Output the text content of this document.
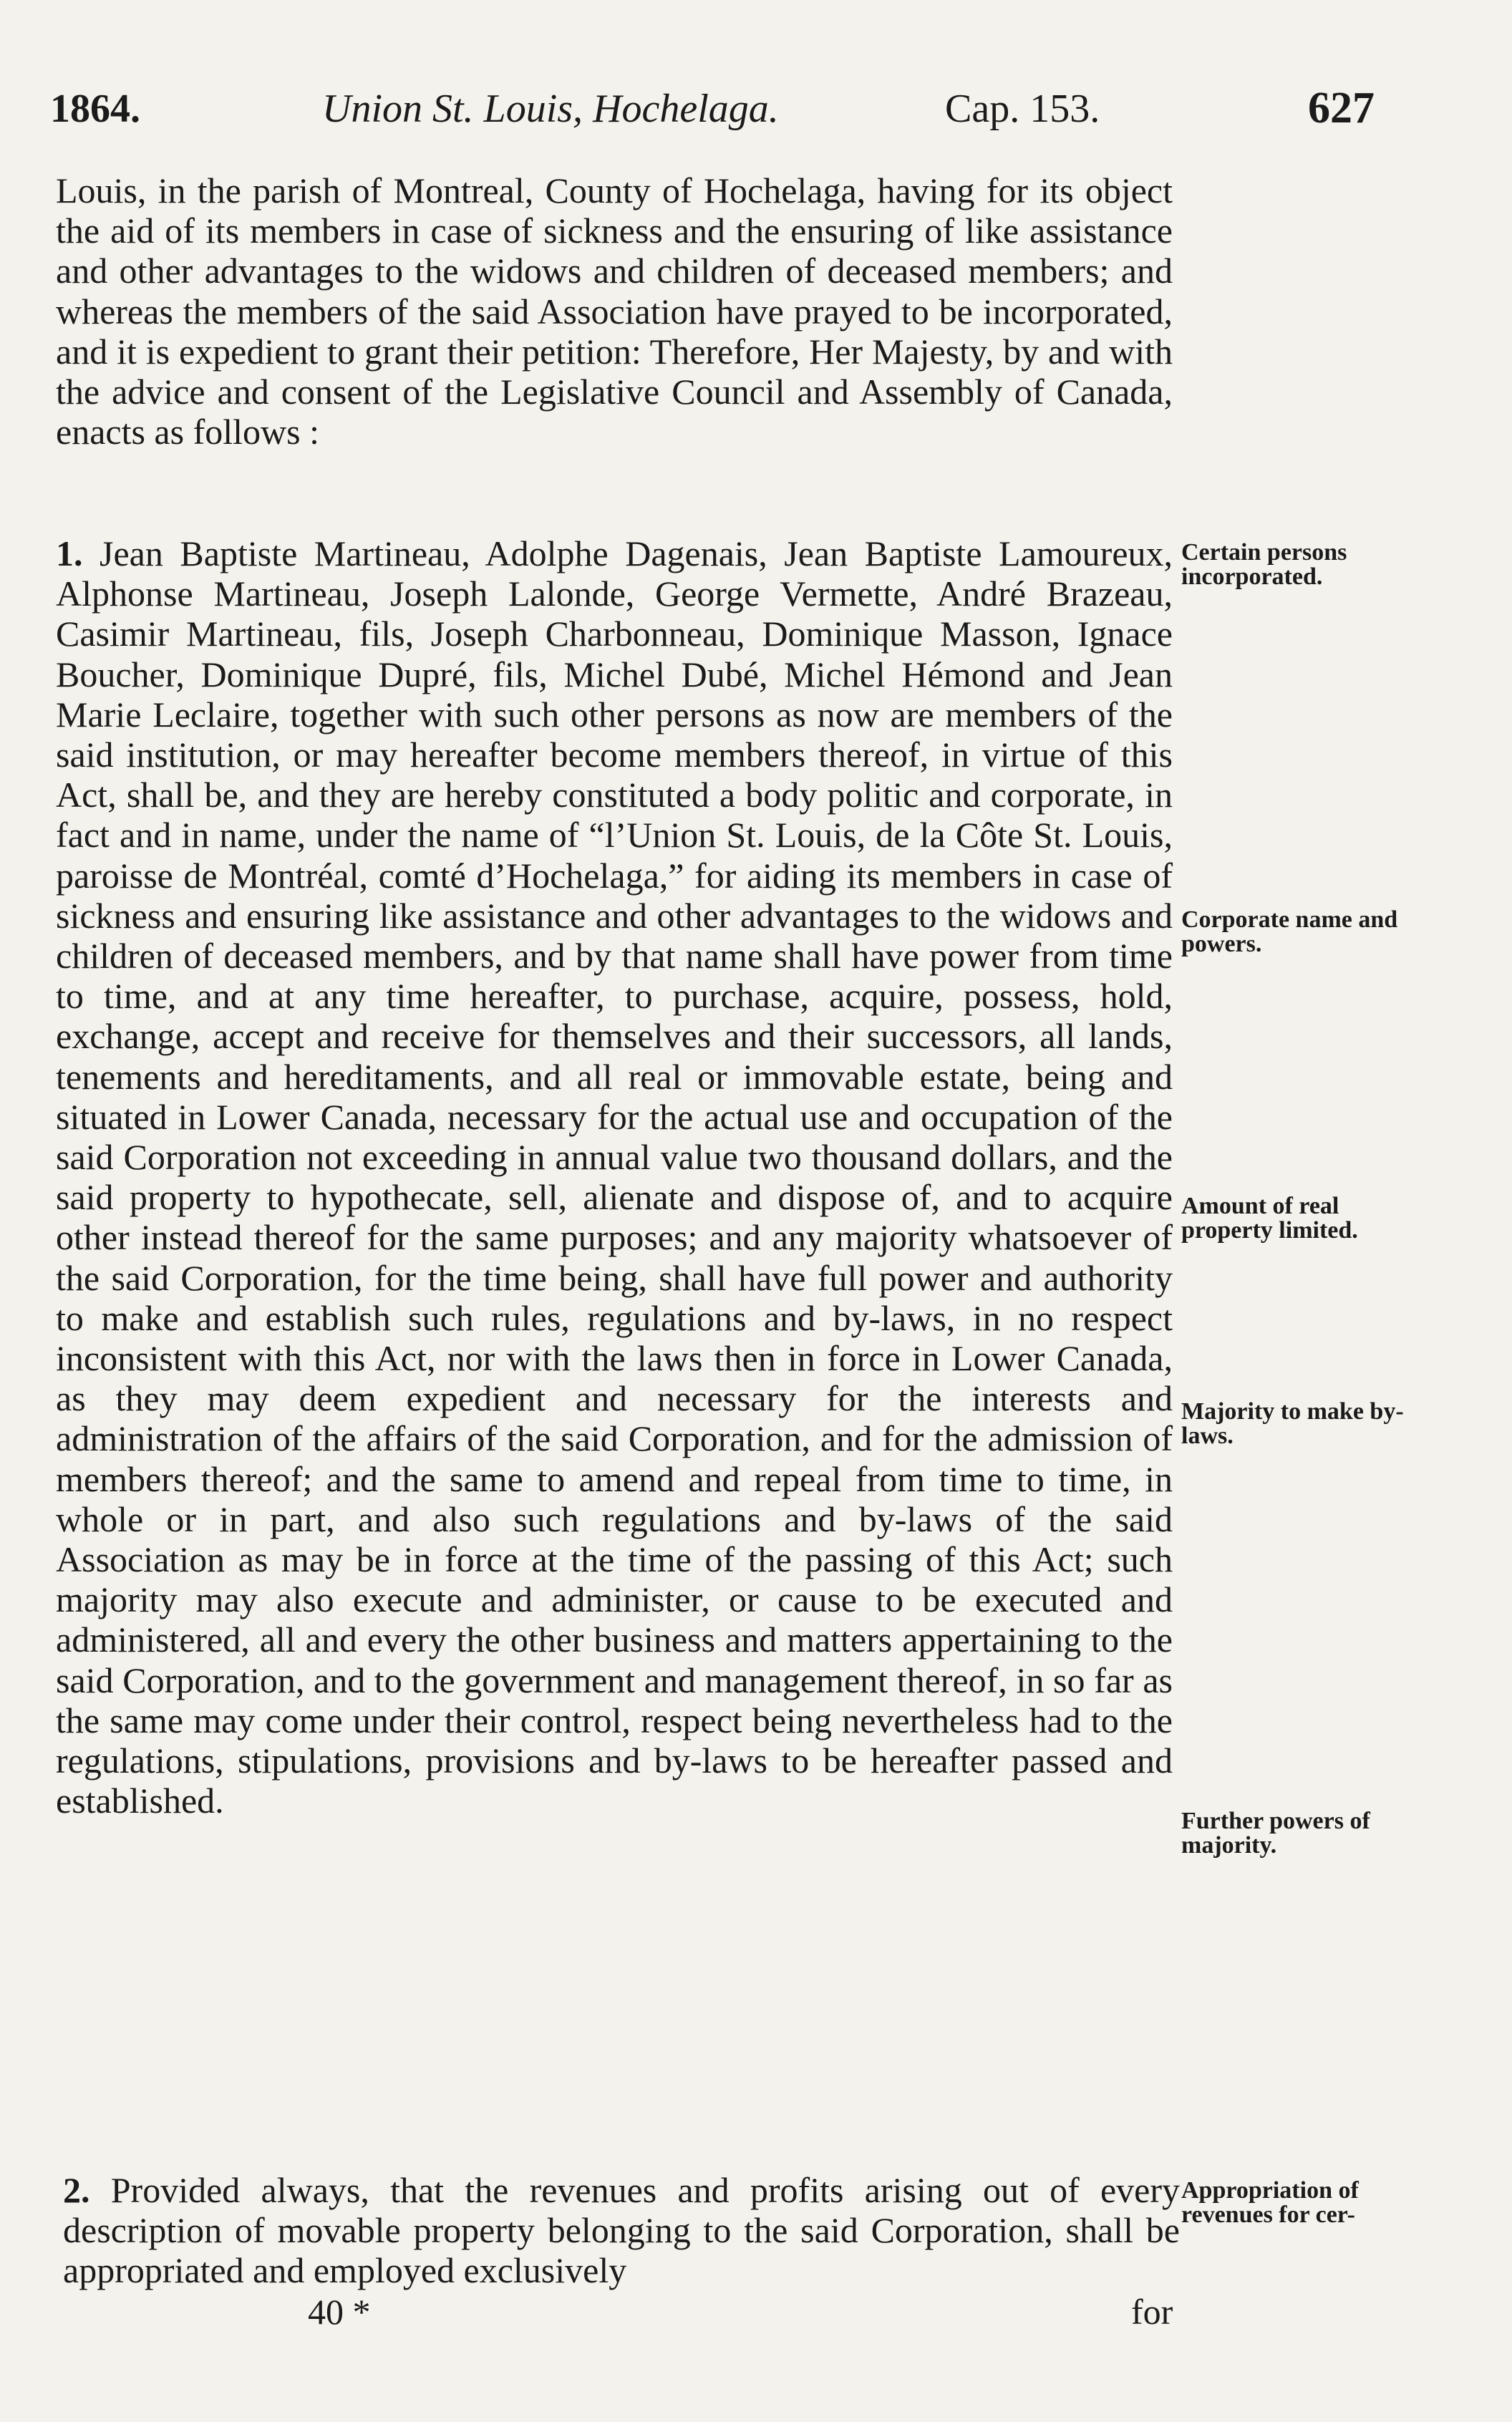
1864.	Union St. Louis, Hochelaga.	Cap. 153.	627

Louis, in the parish of Montreal, County of Hochelaga, having for its object the aid of its members in case of sickness and the ensuring of like assistance and other advantages to the widows and children of deceased members; and whereas the members of the said Association have prayed to be incorporated, and it is expedient to grant their petition: Therefore, Her Majesty, by and with the advice and consent of the Legislative Council and Assembly of Canada, enacts as follows :

1. Jean Baptiste Martineau, Adolphe Dagenais, Jean Baptiste Lamoureux, Alphonse Martineau, Joseph Lalonde, George Vermette, André Brazeau, Casimir Martineau, fils, Joseph Charbonneau, Dominique Masson, Ignace Boucher, Dominique Dupré, fils, Michel Dubé, Michel Hémond and Jean Marie Leclaire, together with such other persons as now are members of the said institution, or may hereafter become members thereof, in virtue of this Act, shall be, and they are hereby constituted a body politic and corporate, in fact and in name, under the name of “l’Union St. Louis, de la Côte St. Louis, paroisse de Montréal, comté d’Hochelaga,” for aiding its members in case of sickness and ensuring like assistance and other advantages to the widows and children of deceased members, and by that name shall have power from time to time, and at any time hereafter, to purchase, acquire, possess, hold, exchange, accept and receive for themselves and their successors, all lands, tenements and hereditaments, and all real or immovable estate, being and situated in Lower Canada, necessary for the actual use and occupation of the said Corporation not exceeding in annual value two thousand dollars, and the said property to hypothecate, sell, alienate and dispose of, and to acquire other instead thereof for the same purposes; and any majority whatsoever of the said Corporation, for the time being, shall have full power and authority to make and establish such rules, regulations and by-laws, in no respect inconsistent with this Act, nor with the laws then in force in Lower Canada, as they may deem expedient and necessary for the interests and administration of the affairs of the said Corporation, and for the admission of members thereof; and the same to amend and repeal from time to time, in whole or in part, and also such regulations and by-laws of the said Association as may be in force at the time of the passing of this Act; such majority may also execute and administer, or cause to be executed and administered, all and every the other business and matters appertaining to the said Corporation, and to the government and management thereof, in so far as the same may come under their control, respect being nevertheless had to the regulations, stipulations, provisions and by-laws to be hereafter passed and established.

2. Provided always, that the revenues and profits arising out of every description of movable property belonging to the said Corporation, shall be appropriated and employed exclusively

Certain persons incorporated.
Corporate name and powers.
Amount of real property limited.
Majority to make by-laws.
Further powers of majority.
Appropriation of revenues for cer-
40 *	for
